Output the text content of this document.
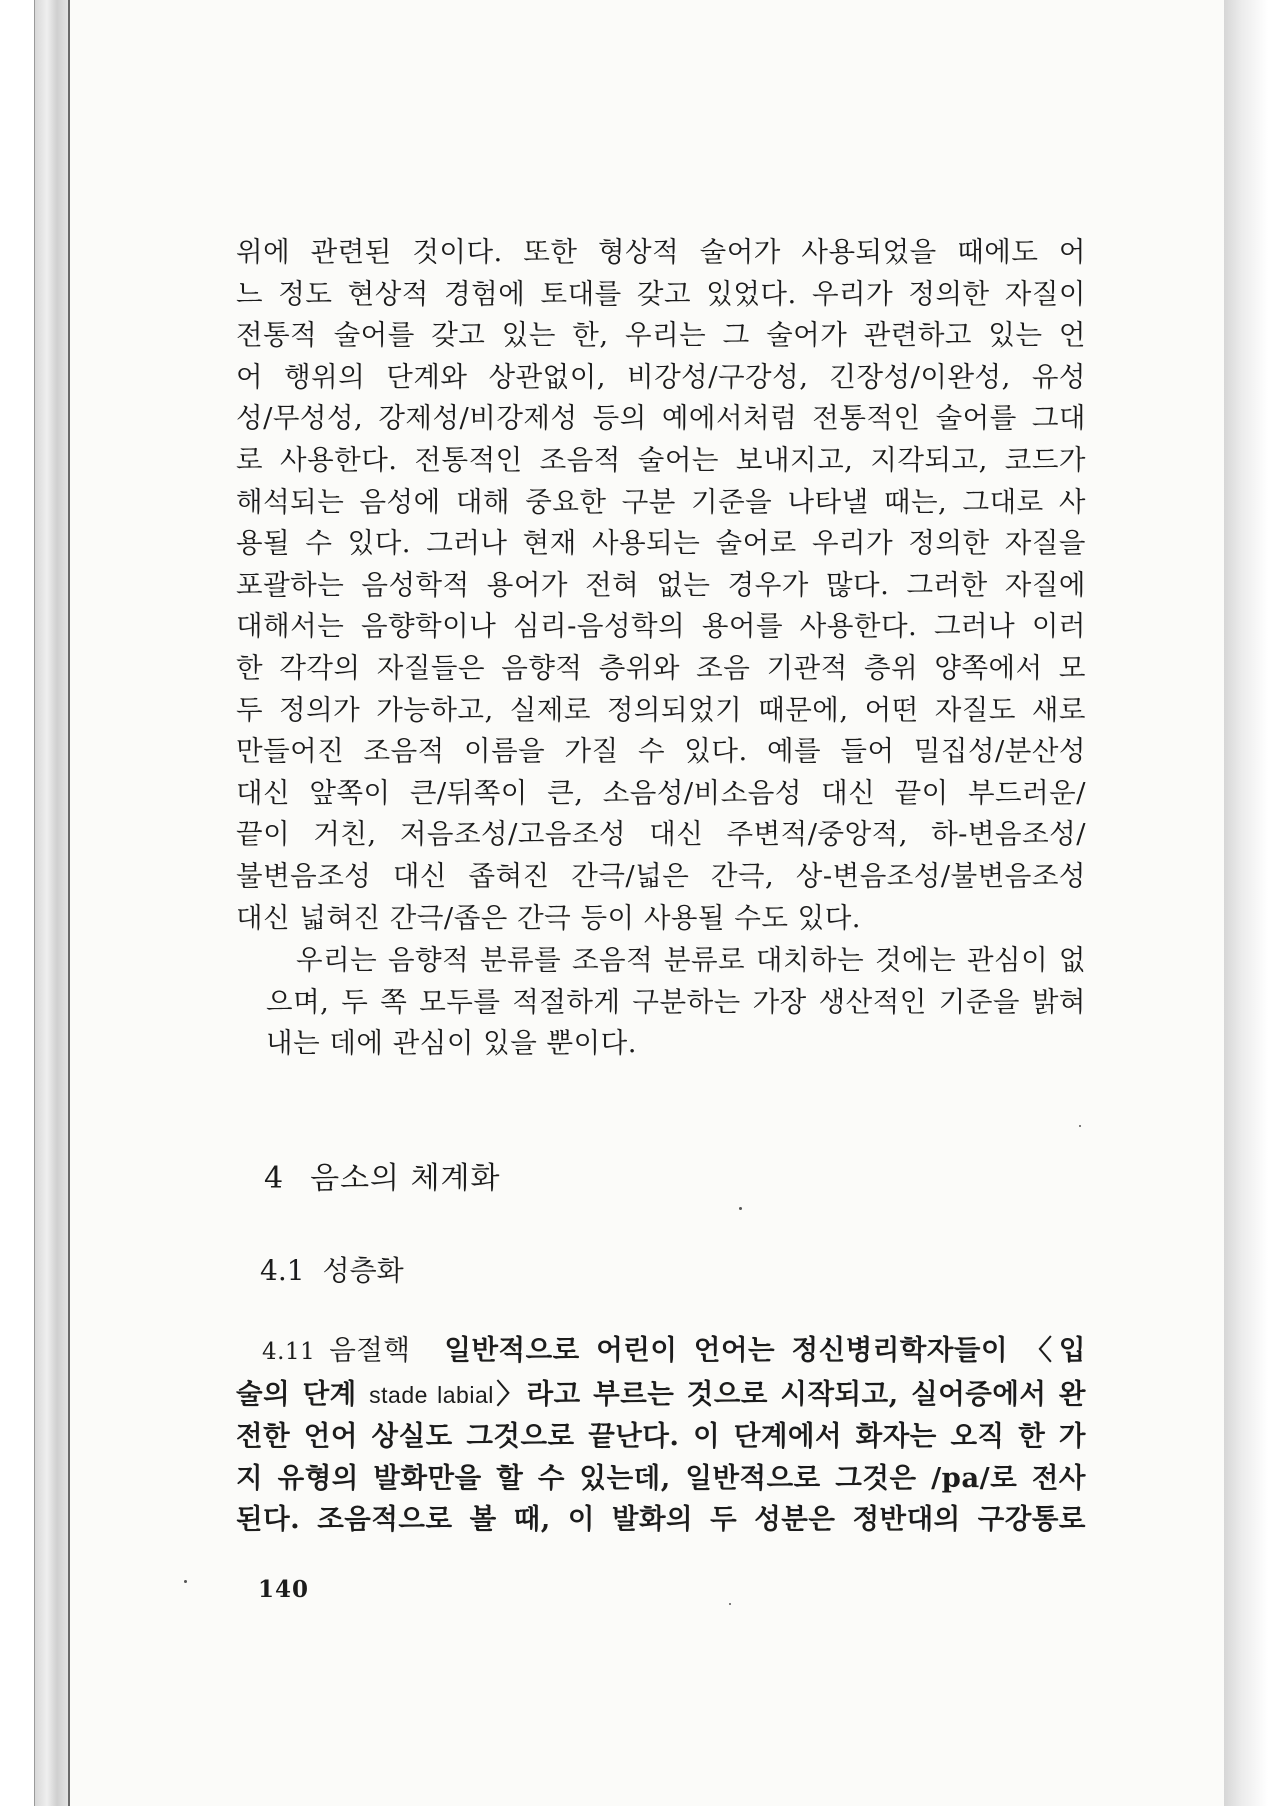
위에 관련된 것이다. 또한 형상적 술어가 사용되었을 때에도 어
느 정도 현상적 경험에 토대를 갖고 있었다. 우리가 정의한 자질이
전통적 술어를 갖고 있는 한, 우리는 그 술어가 관련하고 있는 언
어 행위의 단계와 상관없이, 비강성/구강성, 긴장성/이완성, 유성
성/무성성, 강제성/비강제성 등의 예에서처럼 전통적인 술어를 그대
로 사용한다. 전통적인 조음적 술어는 보내지고, 지각되고, 코드가
해석되는 음성에 대해 중요한 구분 기준을 나타낼 때는, 그대로 사
용될 수 있다. 그러나 현재 사용되는 술어로 우리가 정의한 자질을
포괄하는 음성학적 용어가 전혀 없는 경우가 많다. 그러한 자질에
대해서는 음향학이나 심리-음성학의 용어를 사용한다. 그러나 이러
한 각각의 자질들은 음향적 층위와 조음 기관적 층위 양쪽에서 모
두 정의가 가능하고, 실제로 정의되었기 때문에, 어떤 자질도 새로
만들어진 조음적 이름을 가질 수 있다. 예를 들어 밀집성/분산성
대신 앞쪽이 큰/뒤쪽이 큰, 소음성/비소음성 대신 끝이 부드러운/
끝이 거친, 저음조성/고음조성 대신 주변적/중앙적, 하-변음조성/
불변음조성 대신 좁혀진 간극/넓은 간극, 상-변음조성/불변음조성
대신 넓혀진 간극/좁은 간극 등이 사용될 수도 있다.
우리는 음향적 분류를 조음적 분류로 대치하는 것에는 관심이 없
으며, 두 쪽 모두를 적절하게 구분하는 가장 생산적인 기준을 밝혀
내는 데에 관심이 있을 뿐이다.
4 음소의 체계화
4.1 성층화
4.11 음절핵 일반적으로 어린이 언어는 정신병리학자들이 〈입
술의 단계 stade labial〉라고 부르는 것으로 시작되고, 실어증에서 완
전한 언어 상실도 그것으로 끝난다. 이 단계에서 화자는 오직 한 가
지 유형의 발화만을 할 수 있는데, 일반적으로 그것은 /pa/로 전사
된다. 조음적으로 볼 때, 이 발화의 두 성분은 정반대의 구강통로
140
